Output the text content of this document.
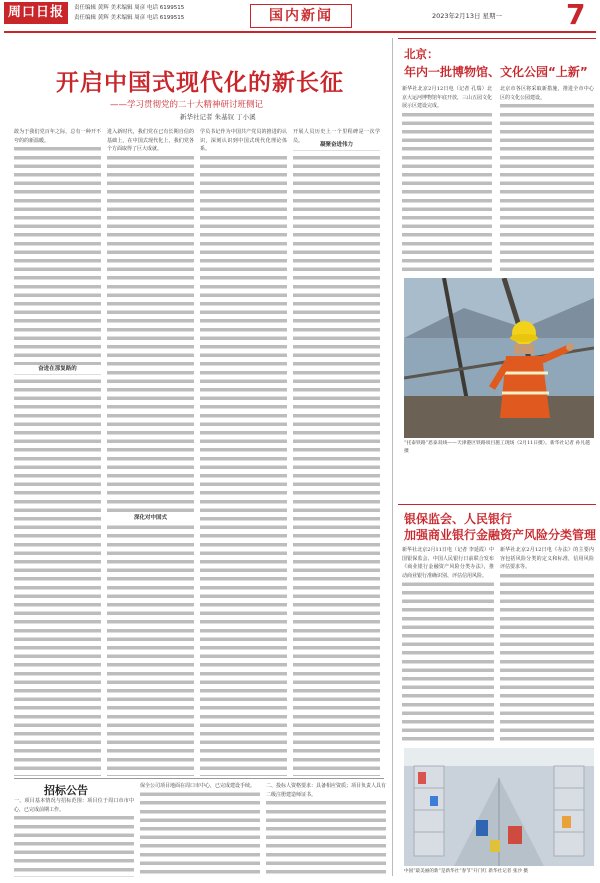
周口日报	责任编辑 黄辉 美术编辑 周彦 电话 6199515
责任编辑 黄辉 美术编辑 周彦 电话 6199515	国内新闻	2023年2月13日 星期一 7
开启中国式现代化的新长征
——学习贯彻党的二十大精神研讨班侧记
新华社记者 朱基钗 丁小溪
敢为于我们党百年之际，总有一种开不夸的的新温暖。
奋进在那复路的
进入新时代，我们党在已有长期自信的基础上，在中国式现代化上，我们党各个方面取得了巨大成就。
深化对中国式
学员书记作为中国共产党员的推进的认识，深刻认识到中国式现代化理论体系。
开展人员历史上一个里程碑是一次学员。
凝聚奋进伟力
北京：
年内一批博物馆、文化公园“上新”
新华社北京2月12日电（记者 孔瑞）北京大运河博物馆年底开放，三山五园文化展示区建设完成。
北京市各区将采取新措施，推进全市中心区的文化公园建设。
“托泰铁路”恩泰双线——天津港区铁路项目施工现场（2月11日摄）。新华社记者 孙凡越 摄
银保监会、人民银行
加强商业银行金融资产风险分类管理
新华社北京2月11日电（记者 李延霞）中国银保监会、中国人民银行日前联合发布《商业银行金融资产风险分类办法》，推动商业银行准确识别、评估信用风险。
新华社北京2月12日电《办法》的主要内容包括风险分类的定义和标准，信用风险评估要求等。
中国“最美丽的新”是新华社“春节”开门红 新华社记者 张沙 摄
招标公告
一、项目基本情况与招标范围：项目位于周口市市中心，已完成前期工作。
保全公司项目地面在周口市中心，已完成建设手续。	二、投标人资格要求：具备相应资质；项目负责人具有二级注册建造师证书。
